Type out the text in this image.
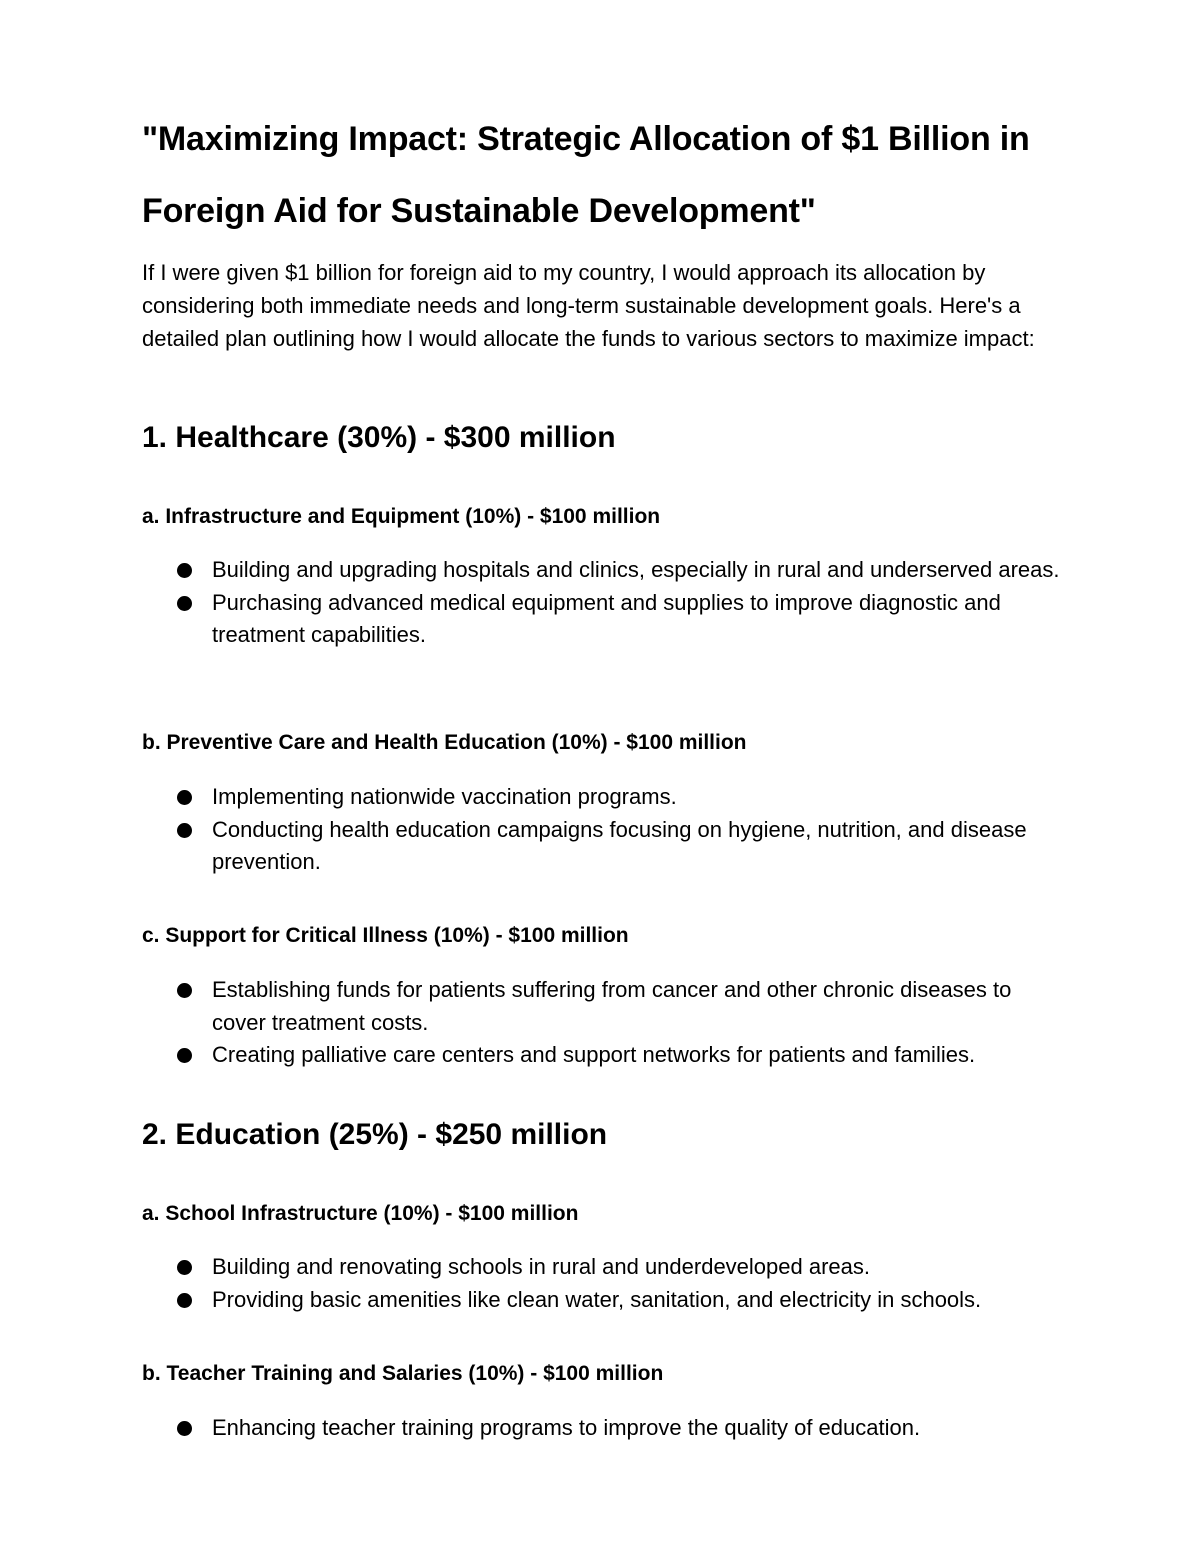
"Maximizing Impact: Strategic Allocation of $1 Billion in Foreign Aid for Sustainable Development"

If I were given $1 billion for foreign aid to my country, I would approach its allocation by considering both immediate needs and long-term sustainable development goals. Here's a detailed plan outlining how I would allocate the funds to various sectors to maximize impact:

1. Healthcare (30%) - $300 million
a. Infrastructure and Equipment (10%) - $100 million
Building and upgrading hospitals and clinics, especially in rural and underserved areas.
Purchasing advanced medical equipment and supplies to improve diagnostic and treatment capabilities.
b. Preventive Care and Health Education (10%) - $100 million
Implementing nationwide vaccination programs.
Conducting health education campaigns focusing on hygiene, nutrition, and disease prevention.
c. Support for Critical Illness (10%) - $100 million
Establishing funds for patients suffering from cancer and other chronic diseases to cover treatment costs.
Creating palliative care centers and support networks for patients and families.
2. Education (25%) - $250 million
a. School Infrastructure (10%) - $100 million
Building and renovating schools in rural and underdeveloped areas.
Providing basic amenities like clean water, sanitation, and electricity in schools.
b. Teacher Training and Salaries (10%) - $100 million
Enhancing teacher training programs to improve the quality of education.
